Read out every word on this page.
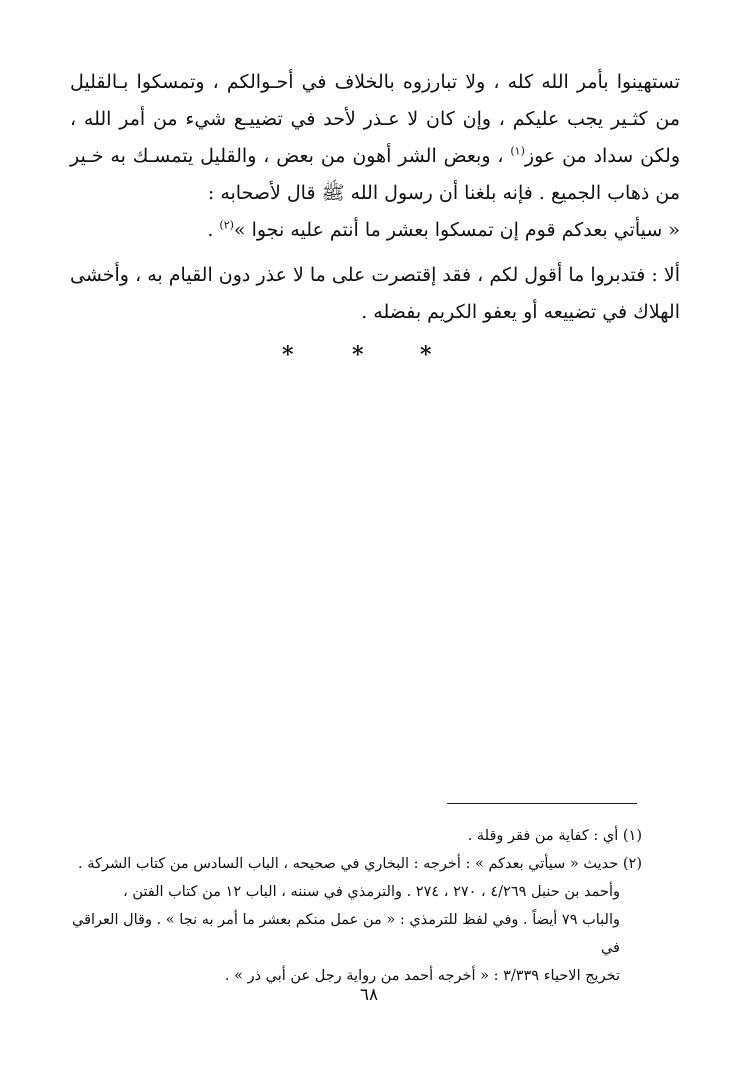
تستهينوا بأمر الله كله ، ولا تبارزوه بالخلاف في أحـوالكم ، وتمسكوا بـالقليل من كثـير يجب عليكم ، وإن كان لا عـذر لأحد في تضييـع شيء من أمر الله ، ولكن سداد من عوز$^{(١)}$ ، وبعض الشر أهون من بعض ، والقليل يتمسـك به خـير من ذهاب الجميع . فإنه بلغنا أن رسول الله ﷺ قال لأصحابه :

« سيأتي بعدكم قوم إن تمسكوا بعشر ما أنتم عليه نجوا »$^{(٢)}$ .

ألا : فتدبروا ما أقول لكم ، فقد إقتصرت على ما لا عذر دون القيام به ، وأخشى الهلاك في تضييعه أو يعفو الكريم بفضله .

*
*
*

(١) أي : كفاية من فقر وقلة .

(٢) حديث « سيأتي بعدكم » : أخرجه : البخاري في صحيحه ، الباب السادس من كتاب الشركة .

وأحمد بن حنبل ٤/٢٦٩ ، ٢٧٠ ، ٢٧٤ . والترمذي في سننه ، الباب ١٢ من كتاب الفتن ،

والباب ٧٩ أيضاً . وفي لفظ للترمذي : « من عمل منكم بعشر ما أمر به نجا » . وقال العراقي في

تخريج الاحياء ٣/٣٣٩ : « أخرجه أحمد من رواية رجل عن أبي ذر » .

٦٨
